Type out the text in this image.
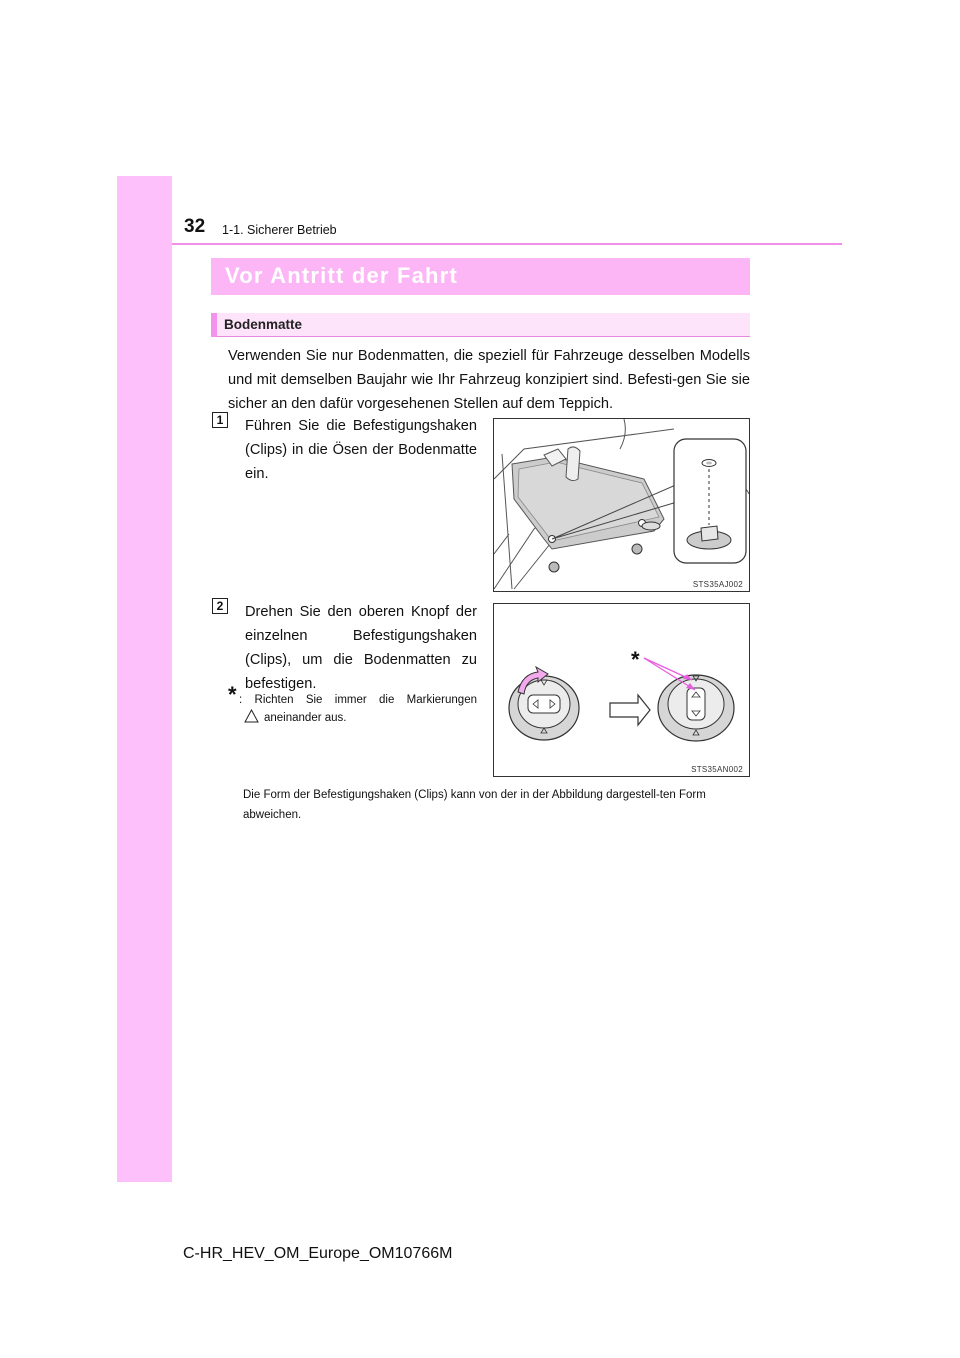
32 1-1. Sicherer Betrieb
Vor Antritt der Fahrt
Bodenmatte

Verwenden Sie nur Bodenmatten, die speziell für Fahrzeuge desselben Modells und mit demselben Baujahr wie Ihr Fahrzeug konzipiert sind. Befesti-gen Sie sie sicher an den dafür vorgesehenen Stellen auf dem Teppich.

1	Führen Sie die Befestigungshaken (Clips) in die Ösen der Bodenmatte ein.

STS35AJ002
2	Drehen Sie den oberen Knopf der einzelnen Befestigungshaken (Clips), um die Bodenmatten zu befestigen.

* : Richten Sie immer die Markierungen
aneinander aus.
*
STS35AN002

Die Form der Befestigungshaken (Clips) kann von der in der Abbildung dargestell-ten Form abweichen.

C-HR_HEV_OM_Europe_OM10766M
